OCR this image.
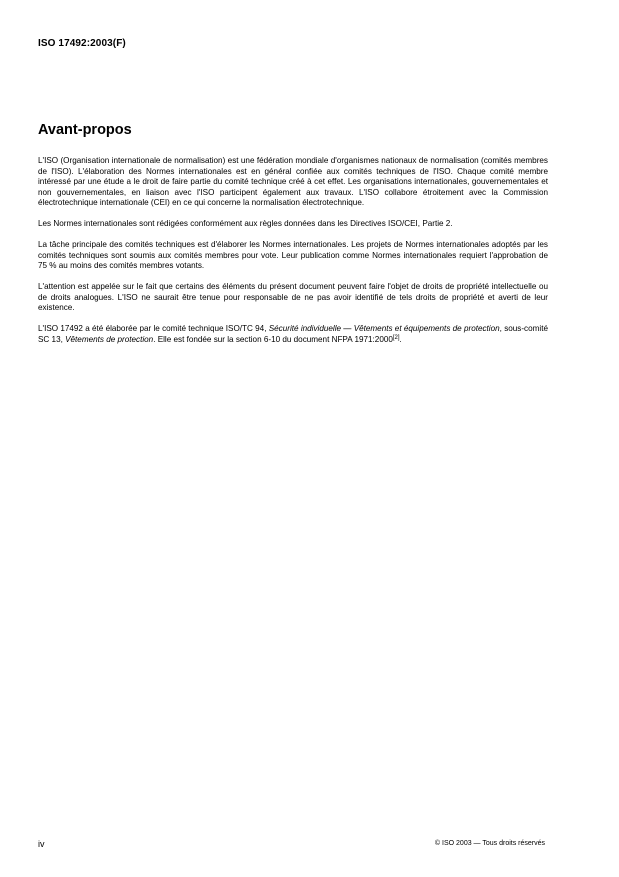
ISO 17492:2003(F)
Avant-propos

L'ISO (Organisation internationale de normalisation) est une fédération mondiale d'organismes nationaux de normalisation (comités membres de l'ISO). L'élaboration des Normes internationales est en général confiée aux comités techniques de l'ISO. Chaque comité membre intéressé par une étude a le droit de faire partie du comité technique créé à cet effet. Les organisations internationales, gouvernementales et non gouvernementales, en liaison avec l'ISO participent également aux travaux. L'ISO collabore étroitement avec la Commission électrotechnique internationale (CEI) en ce qui concerne la normalisation électrotechnique.

Les Normes internationales sont rédigées conformément aux règles données dans les Directives ISO/CEI, Partie 2.

La tâche principale des comités techniques est d'élaborer les Normes internationales. Les projets de Normes internationales adoptés par les comités techniques sont soumis aux comités membres pour vote. Leur publication comme Normes internationales requiert l'approbation de 75 % au moins des comités membres votants.

L'attention est appelée sur le fait que certains des éléments du présent document peuvent faire l'objet de droits de propriété intellectuelle ou de droits analogues. L'ISO ne saurait être tenue pour responsable de ne pas avoir identifié de tels droits de propriété et averti de leur existence.

L'ISO 17492 a été élaborée par le comité technique ISO/TC 94, Sécurité individuelle — Vêtements et équipements de protection, sous-comité SC 13, Vêtements de protection. Elle est fondée sur la section 6-10 du document NFPA 1971:2000[2].

iv	© ISO 2003 — Tous droits réservés
